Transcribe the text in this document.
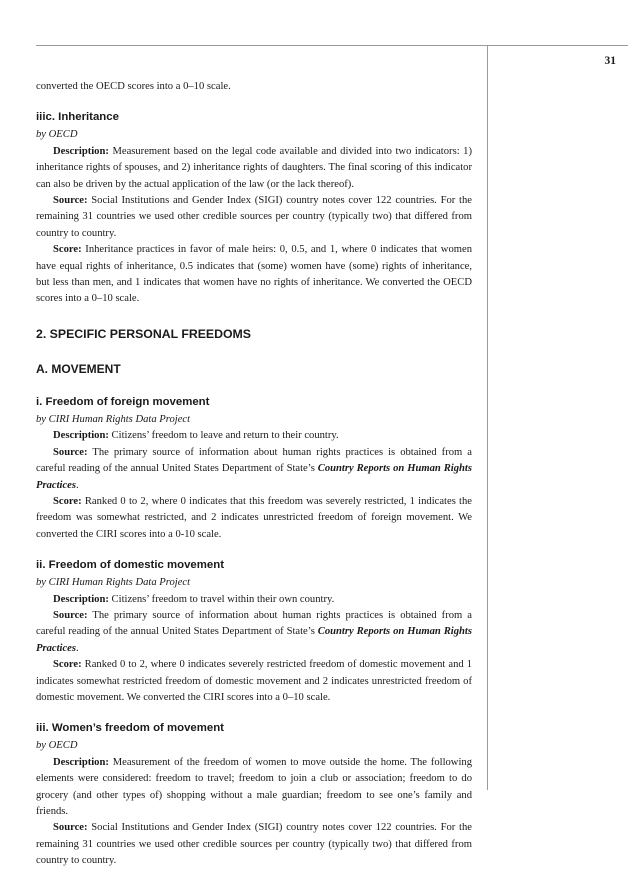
31

converted the OECD scores into a 0–10 scale.

iiic. Inheritance

by OECD

Description: Measurement based on the legal code available and divided into two indicators: 1) inheritance rights of spouses, and 2) inheritance rights of daughters. The final scoring of this indicator can also be driven by the actual application of the law (or the lack thereof).

Source: Social Institutions and Gender Index (SIGI) country notes cover 122 countries. For the remaining 31 countries we used other credible sources per country (typically two) that differed from country to country.

Score: Inheritance practices in favor of male heirs: 0, 0.5, and 1, where 0 indicates that women have equal rights of inheritance, 0.5 indicates that (some) women have (some) rights of inheritance, but less than men, and 1 indicates that women have no rights of inheritance. We converted the OECD scores into a 0–10 scale.

2. SPECIFIC PERSONAL FREEDOMS
A. MOVEMENT
i. Freedom of foreign movement

by CIRI Human Rights Data Project

Description: Citizens’ freedom to leave and return to their country.

Source: The primary source of information about human rights practices is obtained from a careful reading of the annual United States Department of State’s Country Reports on Human Rights Practices.

Score: Ranked 0 to 2, where 0 indicates that this freedom was severely restricted, 1 indicates the freedom was somewhat restricted, and 2 indicates unrestricted freedom of foreign movement. We converted the CIRI scores into a 0-10 scale.

ii. Freedom of domestic movement

by CIRI Human Rights Data Project

Description: Citizens’ freedom to travel within their own country.

Source: The primary source of information about human rights practices is obtained from a careful reading of the annual United States Department of State’s Country Reports on Human Rights Practices.

Score: Ranked 0 to 2, where 0 indicates severely restricted freedom of domestic movement and 1 indicates somewhat restricted freedom of domestic movement and 2 indicates unrestricted freedom of domestic movement. We converted the CIRI scores into a 0–10 scale.

iii. Women’s freedom of movement

by OECD

Description: Measurement of the freedom of women to move outside the home. The following elements were considered: freedom to travel; freedom to join a club or association; freedom to do grocery (and other types of) shopping without a male guardian; freedom to see one’s family and friends.

Source: Social Institutions and Gender Index (SIGI) country notes cover 122 countries. For the remaining 31 countries we used other credible sources per country (typically two) that differed from country to country.
